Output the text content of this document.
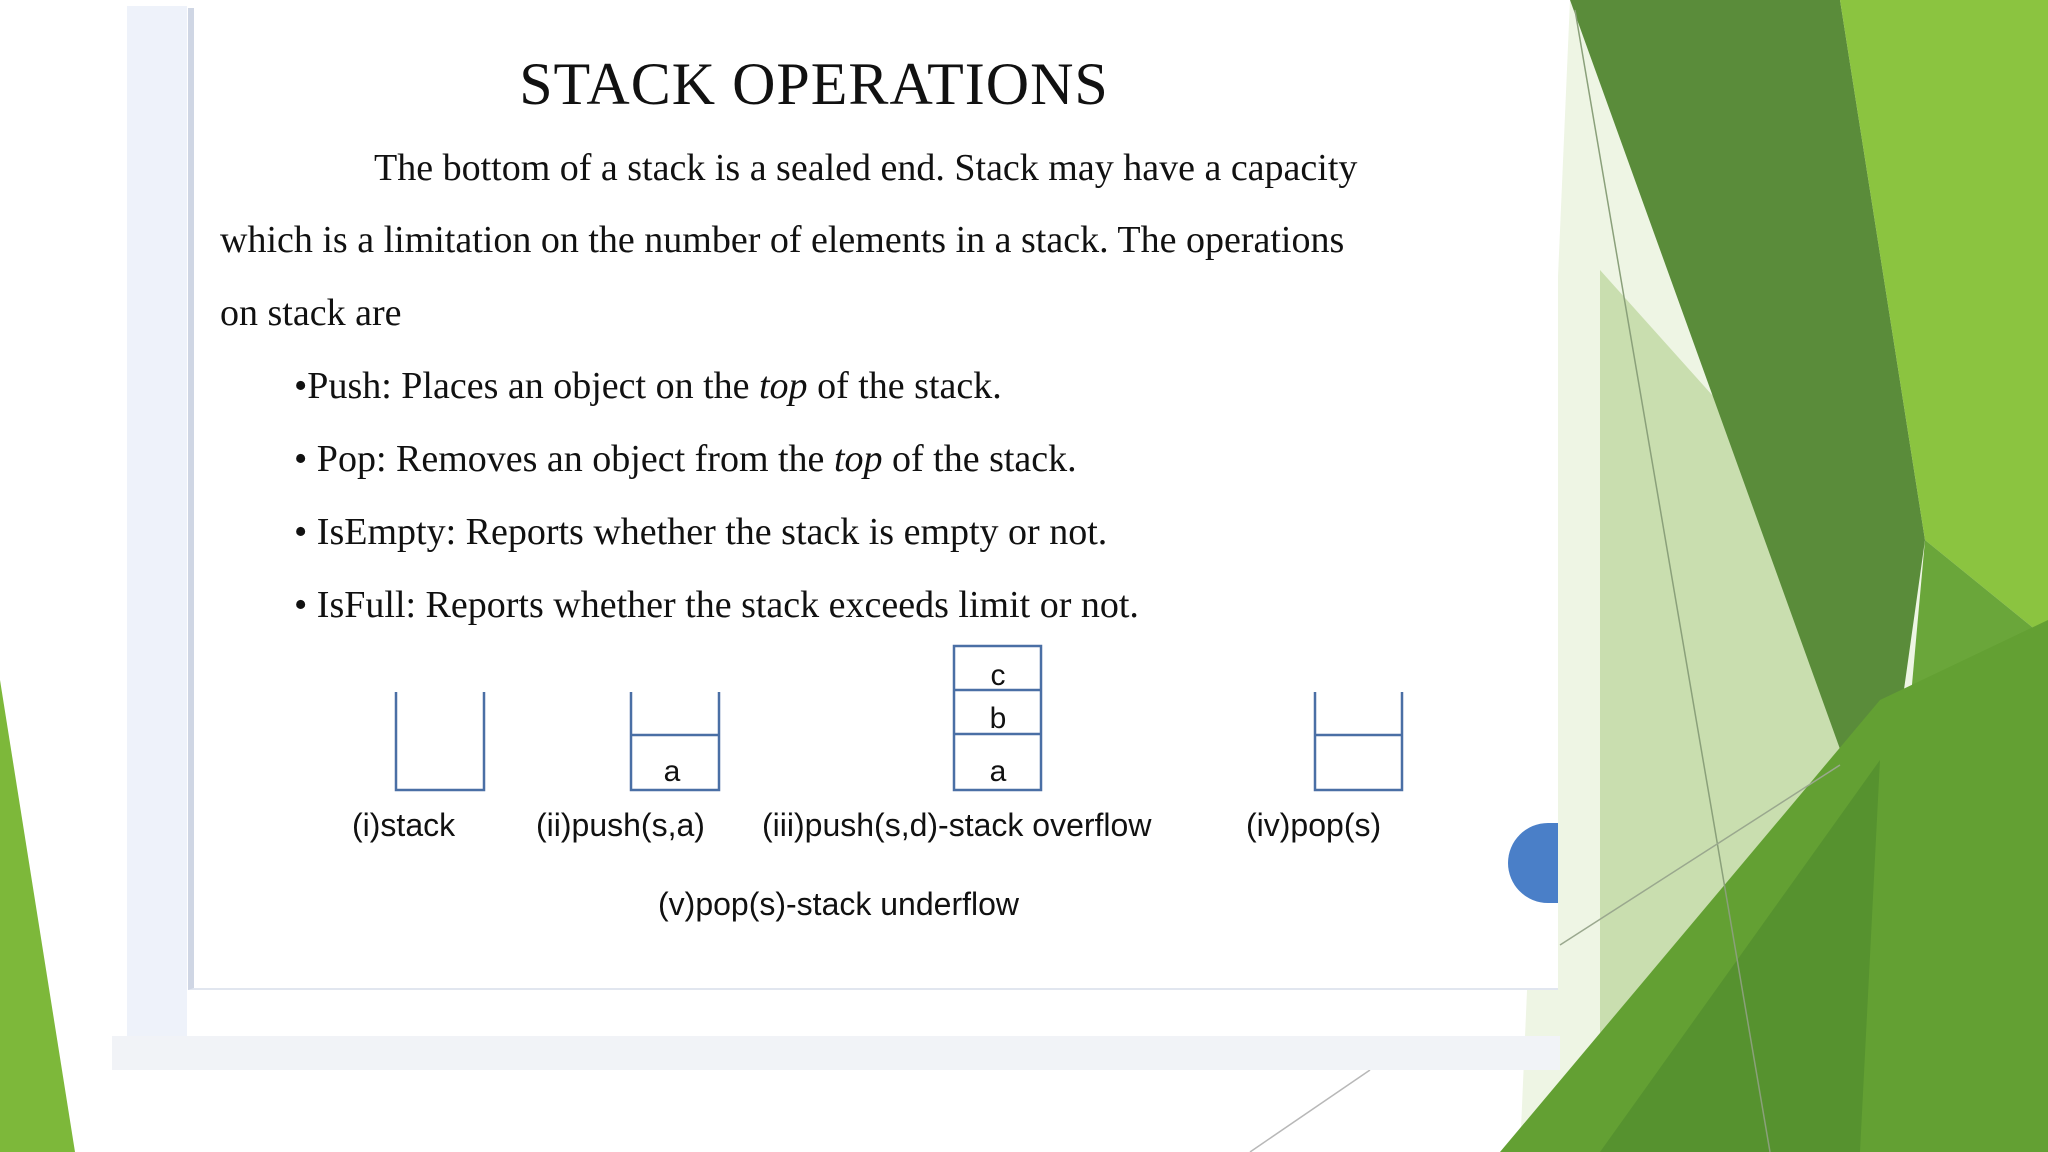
STACK OPERATIONS
The bottom of a stack is a sealed end. Stack may have a capacity
which is a limitation on the number of elements in a stack. The operations
on stack are
•Push: Places an object on the top of the stack.
• Pop: Removes an object from the top of the stack.
• IsEmpty: Reports whether the stack is empty or not.
• IsFull: Reports whether the stack exceeds limit or not.
a
c
b
a
(i)stack	(ii)push(s,a) (iii)push(s,d)-stack overflow	(iv)pop(s)
(v)pop(s)-stack underflow
